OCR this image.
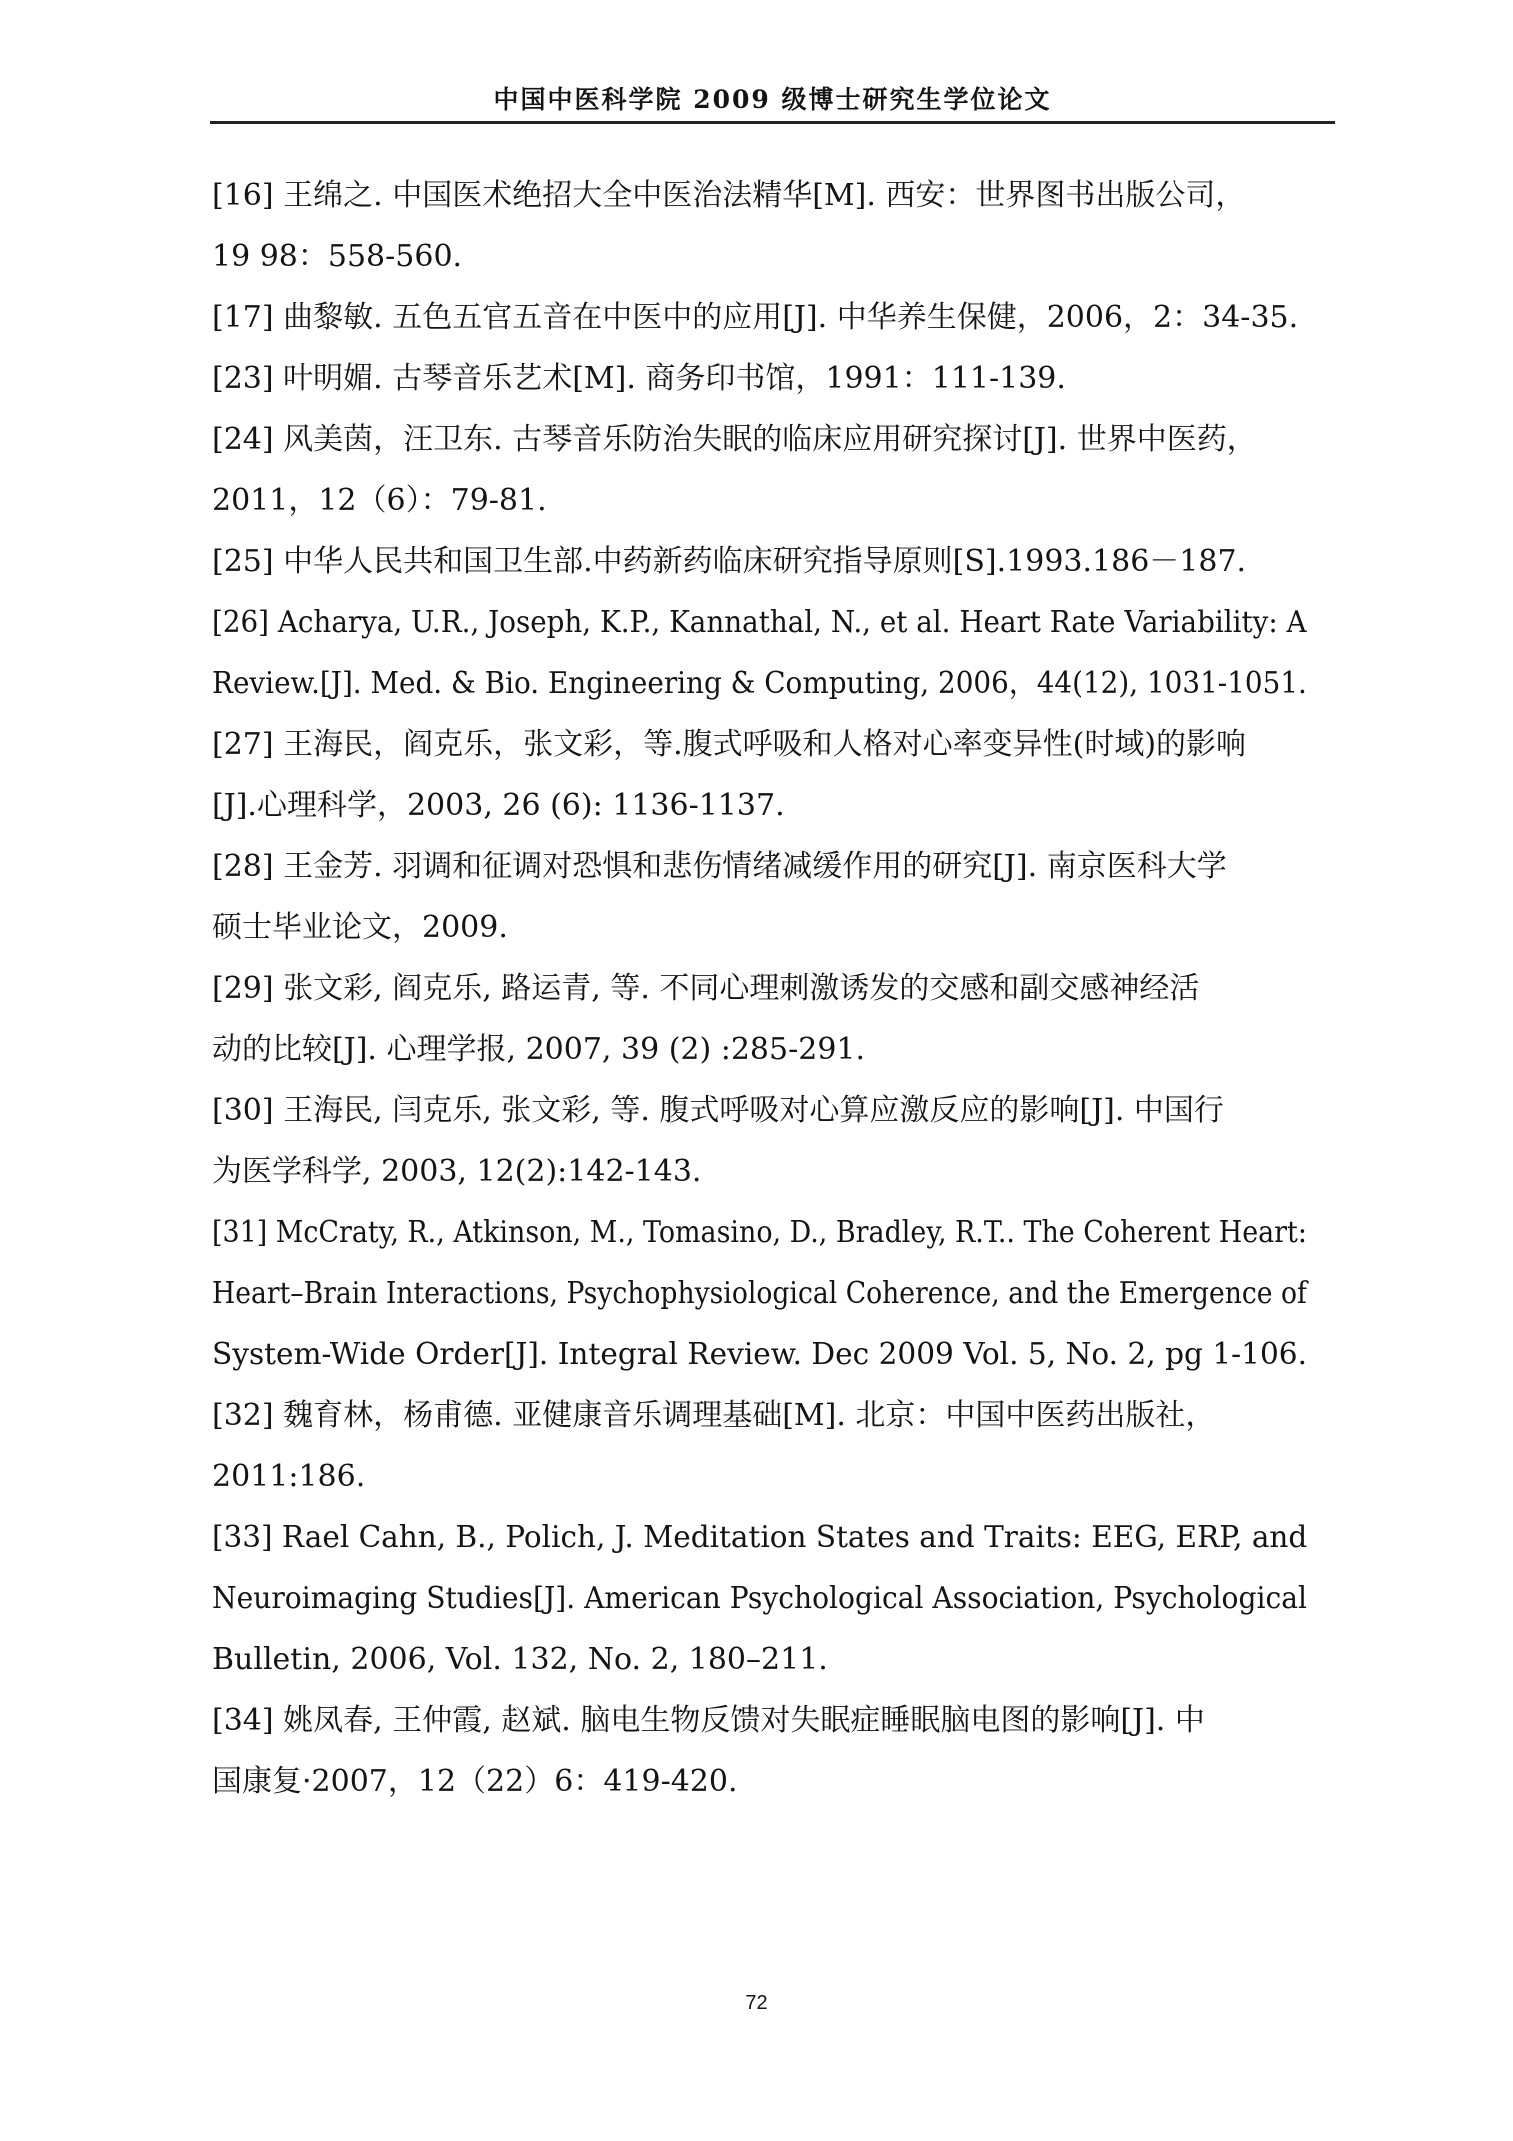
中国中医科学院 2009 级博士研究生学位论文

[16] 王绵之. 中国医术绝招大全中医治法精华[M]. 西安：世界图书出版公司，
19 98：558-560.

[17] 曲黎敏. 五色五官五音在中医中的应用[J]. 中华养生保健，2006，2：34-35.

[23] 叶明媚. 古琴音乐艺术[M]. 商务印书馆，1991：111-139.

[24] 风美茵，汪卫东. 古琴音乐防治失眠的临床应用研究探讨[J]. 世界中医药，
2011，12（6）：79-81.

[25] 中华人民共和国卫生部.中药新药临床研究指导原则[S].1993.186－187.

[26] Acharya, U.R., Joseph, K.P., Kannathal, N., et al. Heart Rate Variability: A
Review.[J]. Med. & Bio. Engineering & Computing, 2006，44(12), 1031-1051.

[27] 王海民，阎克乐，张文彩，等.腹式呼吸和人格对心率变异性(时域)的影响
[J].心理科学，2003, 26 (6): 1136-1137.

[28] 王金芳. 羽调和征调对恐惧和悲伤情绪减缓作用的研究[J]. 南京医科大学
硕士毕业论文，2009.

[29] 张文彩, 阎克乐, 路运青, 等. 不同心理刺激诱发的交感和副交感神经活
动的比较[J]. 心理学报, 2007, 39 (2) :285-291.

[30] 王海民, 闫克乐, 张文彩, 等. 腹式呼吸对心算应激反应的影响[J]. 中国行
为医学科学, 2003, 12(2):142-143.

[31] McCraty, R., Atkinson, M., Tomasino, D., Bradley, R.T.. The Coherent Heart:
Heart–Brain Interactions, Psychophysiological Coherence, and the Emergence of
System-Wide Order[J]. Integral Review. Dec 2009 Vol. 5, No. 2, pg 1-106.

[32] 魏育林，杨甫德. 亚健康音乐调理基础[M]. 北京：中国中医药出版社，
2011:186.

[33] Rael Cahn, B., Polich, J. Meditation States and Traits: EEG, ERP, and
Neuroimaging Studies[J]. American Psychological Association, Psychological
Bulletin, 2006, Vol. 132, No. 2, 180–211.

[34] 姚凤春, 王仲霞, 赵斌. 脑电生物反馈对失眠症睡眠脑电图的影响[J]. 中
国康复·2007，12（22）6：419-420.

72
